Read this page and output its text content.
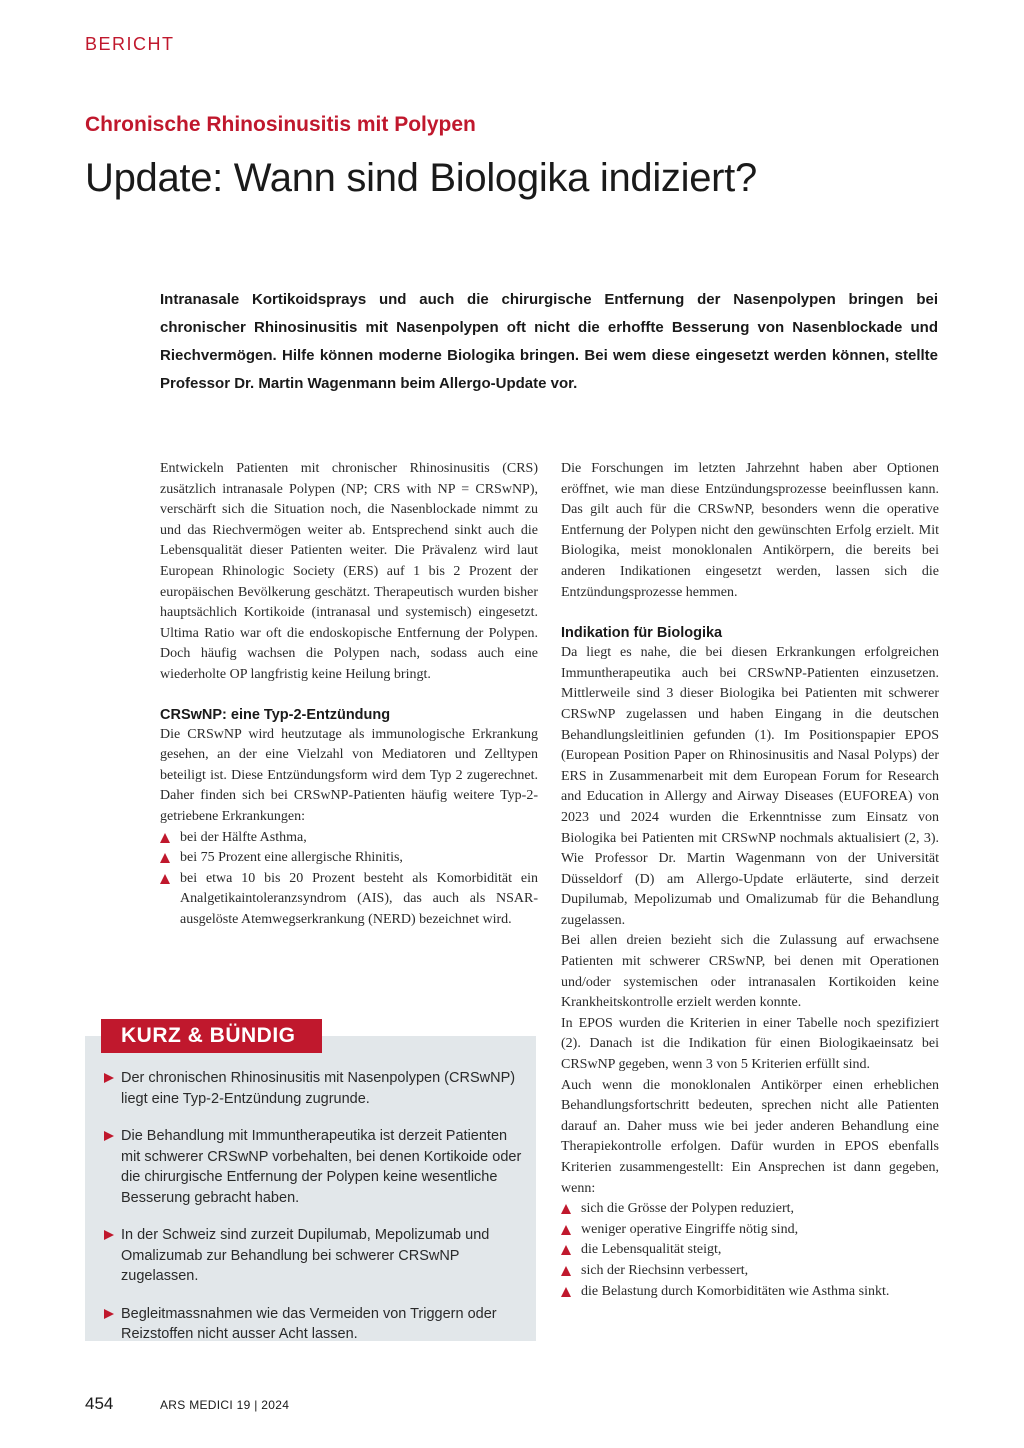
BERICHT
Chronische Rhinosinusitis mit Polypen
Update: Wann sind Biologika indiziert?

Intranasale Kortikoidsprays und auch die chirurgische Entfernung der Nasenpolypen bringen bei chronischer Rhinosinusitis mit Nasenpolypen oft nicht die erhoffte Besserung von Nasenblockade und Riechvermögen. Hilfe können moderne Biologika bringen. Bei wem diese eingesetzt werden können, stellte Professor Dr. Martin Wagenmann beim Allergo-Update vor.

Entwickeln Patienten mit chronischer Rhinosinusitis (CRS) zusätzlich intranasale Polypen (NP; CRS with NP = CRSwNP), verschärft sich die Situation noch, die Nasenblockade nimmt zu und das Riechvermögen weiter ab. Entsprechend sinkt auch die Lebensqualität dieser Patienten weiter. Die Prävalenz wird laut European Rhinologic Society (ERS) auf 1 bis 2 Prozent der europäischen Bevölkerung geschätzt. Therapeutisch wurden bisher hauptsächlich Kortikoide (intranasal und systemisch) eingesetzt. Ultima Ratio war oft die endoskopische Entfernung der Polypen. Doch häufig wachsen die Polypen nach, sodass auch eine wiederholte OP langfristig keine Heilung bringt.

CRSwNP: eine Typ-2-Entzündung

Die CRSwNP wird heutzutage als immunologische Erkrankung gesehen, an der eine Vielzahl von Mediatoren und Zelltypen beteiligt ist. Diese Entzündungsform wird dem Typ 2 zugerechnet. Daher finden sich bei CRSwNP-Patienten häufig weitere Typ-2-getriebene Erkrankungen:

bei der Hälfte Asthma,
bei 75 Prozent eine allergische Rhinitis,
bei etwa 10 bis 20 Prozent besteht als Komorbidität ein Analgetikaintoleranzsyndrom (AIS), das auch als NSAR-ausgelöste Atemwegserkrankung (NERD) bezeichnet wird.

Die Forschungen im letzten Jahrzehnt haben aber Optionen eröffnet, wie man diese Entzündungsprozesse beeinflussen kann. Das gilt auch für die CRSwNP, besonders wenn die operative Entfernung der Polypen nicht den gewünschten Erfolg erzielt. Mit Biologika, meist monoklonalen Antikörpern, die bereits bei anderen Indikationen eingesetzt werden, lassen sich die Entzündungsprozesse hemmen.

Indikation für Biologika

Da liegt es nahe, die bei diesen Erkrankungen erfolgreichen Immuntherapeutika auch bei CRSwNP-Patienten einzusetzen. Mittlerweile sind 3 dieser Biologika bei Patienten mit schwerer CRSwNP zugelassen und haben Eingang in die deutschen Behandlungsleitlinien gefunden (1). Im Positionspapier EPOS (European Position Paper on Rhinosinusitis and Nasal Polyps) der ERS in Zusammenarbeit mit dem European Forum for Research and Education in Allergy and Airway Diseases (EUFOREA) von 2023 und 2024 wurden die Erkenntnisse zum Einsatz von Biologika bei Patienten mit CRSwNP nochmals aktualisiert (2, 3). Wie Professor Dr. Martin Wagenmann von der Universität Düsseldorf (D) am Allergo-Update erläuterte, sind derzeit Dupilumab, Mepolizumab und Omalizumab für die Behandlung zugelassen.

Bei allen dreien bezieht sich die Zulassung auf erwachsene Patienten mit schwerer CRSwNP, bei denen mit Operationen und/oder systemischen oder intranasalen Kortikoiden keine Krankheitskontrolle erzielt werden konnte.

In EPOS wurden die Kriterien in einer Tabelle noch spezifiziert (2). Danach ist die Indikation für einen Biologikaeinsatz bei CRSwNP gegeben, wenn 3 von 5 Kriterien erfüllt sind.

Auch wenn die monoklonalen Antikörper einen erheblichen Behandlungsfortschritt bedeuten, sprechen nicht alle Patienten darauf an. Daher muss wie bei jeder anderen Behandlung eine Therapiekontrolle erfolgen. Dafür wurden in EPOS ebenfalls Kriterien zusammengestellt: Ein Ansprechen ist dann gegeben, wenn:

sich die Grösse der Polypen reduziert,
weniger operative Eingriffe nötig sind,
die Lebensqualität steigt,
sich der Riechsinn verbessert,
die Belastung durch Komorbiditäten wie Asthma sinkt.
KURZ & BÜNDIG
Der chronischen Rhinosinusitis mit Nasenpolypen (CRSwNP) liegt eine Typ-2-Entzündung zugrunde.
Die Behandlung mit Immuntherapeutika ist derzeit Patienten mit schwerer CRSwNP vorbehalten, bei denen Kortikoide oder die chirurgische Entfernung der Polypen keine wesentliche Besserung gebracht haben.
In der Schweiz sind zurzeit Dupilumab, Mepolizumab und Omalizumab zur Behandlung bei schwerer CRSwNP zugelassen.
Begleitmassnahmen wie das Vermeiden von Triggern oder Reizstoffen nicht ausser Acht lassen.
454	ARS MEDICI 19 | 2024
